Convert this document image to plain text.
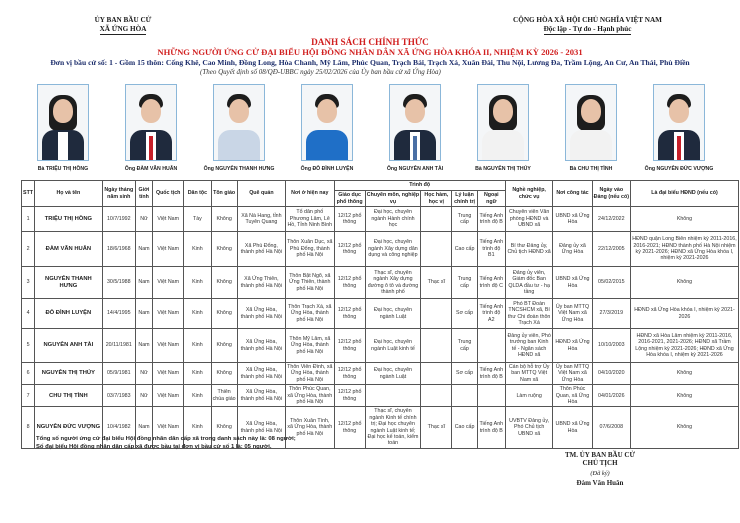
ỦY BAN BẦU CỬ
XÃ ỨNG HÒA
CỘNG HÒA XÃ HỘI CHỦ NGHĨA VIỆT NAM
Độc lập - Tự do - Hạnh phúc
DANH SÁCH CHÍNH THỨC
NHỮNG NGƯỜI ỨNG CỬ ĐẠI BIỂU HỘI ĐỒNG NHÂN DÂN XÃ ỨNG HÒA KHÓA II, NHIỆM KỲ 2026 - 2031
Đơn vị bầu cử số: 1 - Gồm 15 thôn: Cống Khê, Cao Minh, Đồng Long, Hòa Chanh, Mỹ Lâm, Phúc Quan, Trạch Bái, Trạch Xá, Xuân Đài, Thu Nội, Lương Đa, Trầm Lộng, An Cư, An Thái, Phù Điền
(Theo Quyết định số 08/QĐ-UBBC ngày 25/02/2026 của Ủy ban bầu cử xã Ứng Hòa)
Bà TRIỆU THỊ HỒNG	Ông ĐÀM VĂN HUÂN	Ông NGUYỄN THANH HƯNG	Ông ĐỖ ĐÌNH LUYỆN	Ông NGUYỄN ANH TÀI	Bà NGUYỄN THỊ THÚY	Bà CHU THỊ TÌNH	Ông NGUYỄN ĐỨC VƯỢNG
STT	Họ và tên	Ngày tháng năm sinh	Giới tính	Quốc tịch	Dân tộc	Tôn giáo	Quê quán	Nơi ở hiện nay	Trình độ					Nghề nghiệp, chức vụ	Nơi công tác	Ngày vào Đảng (nếu có)	Là đại biểu HĐND (nếu có)
									Giáo dục phổ thông	Chuyên môn, nghiệp vụ	Học hàm, học vị	Lý luận chính trị	Ngoại ngữ				
1	TRIỆU THỊ HỒNG	10/7/1992	Nữ	Việt Nam	Tày	Không	Xã Nà Hang, tỉnh Tuyên Quang	Tổ dân phố Phương Lâm, Lê Hồ, Tỉnh Ninh Bình	12/12 phổ thông	Đại học, chuyên ngành Hành chính học		Trung cấp	Tiếng Anh trình độ B	Chuyên viên Văn phòng HĐND và UBND xã	UBND xã Ứng Hòa	24/12/2022	Không
2	ĐÀM VĂN HUÂN	18/6/1968	Nam	Việt Nam	Kinh	Không	Xã Phù Đổng, thành phố Hà Nội	Thôn Xuân Dục, xã Phù Đổng, thành phố Hà Nội	12/12 phổ thông	Đại học, chuyên ngành Xây dựng dân dụng và công nghiệp		Cao cấp	Tiếng Anh trình độ B1	Bí thư Đảng ủy, Chủ tịch HĐND xã	Đảng ủy xã Ứng Hòa	22/12/2005	HĐND quận Long Biên nhiệm kỳ 2011-2016, 2016-2021; HĐND thành phố Hà Nội nhiệm kỳ 2021-2026; HĐND xã Ứng Hòa khóa I, nhiệm kỳ 2021-2026
3	NGUYỄN THANH HƯNG	30/5/1988	Nam	Việt Nam	Kinh	Không	Xã Ứng Thiên, thành phố Hà Nội	Thôn Bặt Ngõ, xã Ứng Thiên, thành phố Hà Nội	12/12 phổ thông	Thạc sĩ, chuyên ngành Xây dựng đường ô tô và đường thành phố	Thạc sĩ	Trung cấp	Tiếng Anh trình độ C	Đảng ủy viên, Giám đốc Ban QLDA đầu tư - hạ tầng	UBND xã Ứng Hòa	05/02/2015	Không
4	ĐỖ ĐÌNH LUYỆN	14/4/1995	Nam	Việt Nam	Kinh	Không	Xã Ứng Hòa, thành phố Hà Nội	Thôn Trạch Xá, xã Ứng Hòa, thành phố Hà Nội	12/12 phổ thông	Đại học, chuyên ngành Luật		Sơ cấp	Tiếng Anh trình độ A2	Phó BT Đoàn TNCSHCM xã, Bí thư Chi đoàn thôn Trạch Xá	Ủy ban MTTQ Việt Nam xã Ứng Hòa	27/3/2019	HĐND xã Ứng Hòa khóa I, nhiệm kỳ 2021-2026
5	NGUYỄN ANH TÀI	20/11/1981	Nam	Việt Nam	Kinh	Không	Xã Ứng Hòa, thành phố Hà Nội	Thôn Mỹ Lâm, xã Ứng Hòa, thành phố Hà Nội	12/12 phổ thông	Đại học, chuyên ngành Luật kinh tế		Trung cấp		Đảng ủy viên, Phó trưởng ban Kinh tế - Ngân sách HĐND xã	HĐND xã Ứng Hòa	10/10/2003	HĐND xã Hòa Lâm nhiệm kỳ 2011-2016, 2016-2021, 2021-2026; HĐND xã Trầm Lộng nhiệm kỳ 2021-2026; HĐND xã Ứng Hòa khóa I, nhiệm kỳ 2021-2026
6	NGUYỄN THỊ THÚY	05/9/1981	Nữ	Việt Nam	Kinh	Không	Xã Ứng Hòa, thành phố Hà Nội	Thôn Viên Đình, xã Ứng Hòa, thành phố Hà Nội	12/12 phổ thông	Đại học, chuyên ngành Luật		Sơ cấp	Tiếng Anh trình độ B	Cán bộ hỗ trợ Ủy ban MTTQ Việt Nam xã	Ủy ban MTTQ Việt Nam xã Ứng Hòa	04/10/2020	Không
7	CHU THỊ TÌNH	03/7/1983	Nữ	Việt Nam	Kinh	Thiên chúa giáo	Xã Ứng Hòa, thành phố Hà Nội	Thôn Phúc Quan, xã Ứng Hòa, thành phố Hà Nội	12/12 phổ thông					Làm ruộng	Thôn Phúc Quan, xã Ứng Hòa	04/01/2026	Không
8	NGUYỄN ĐỨC VƯỢNG	10/4/1982	Nam	Việt Nam	Kinh	Không	Xã Ứng Hòa, thành phố Hà Nội	Thôn Xuân Tình, xã Ứng Hòa, thành phố Hà Nội	12/12 phổ thông	Thạc sĩ, chuyên ngành Kinh tế chính trị; Đại học chuyên ngành Luật kinh tế; Đại học kế toán, kiểm toán	Thạc sĩ	Cao cấp	Tiếng Anh trình độ B	UVBTV Đảng ủy, Phó Chủ tịch UBND xã	UBND xã Ứng Hòa	07/6/2008	Không
Tổng số người ứng cử đại biểu Hội đồng nhân dân cấp xã trong danh sách này là: 08 người;
Số đại biểu Hội đồng nhân dân cấp xã được bầu tại đơn vị bầu cử số 1 là: 05 người.
TM. ỦY BAN BẦU CỬ
CHỦ TỊCH
(Đã ký)
Đàm Văn Huân
